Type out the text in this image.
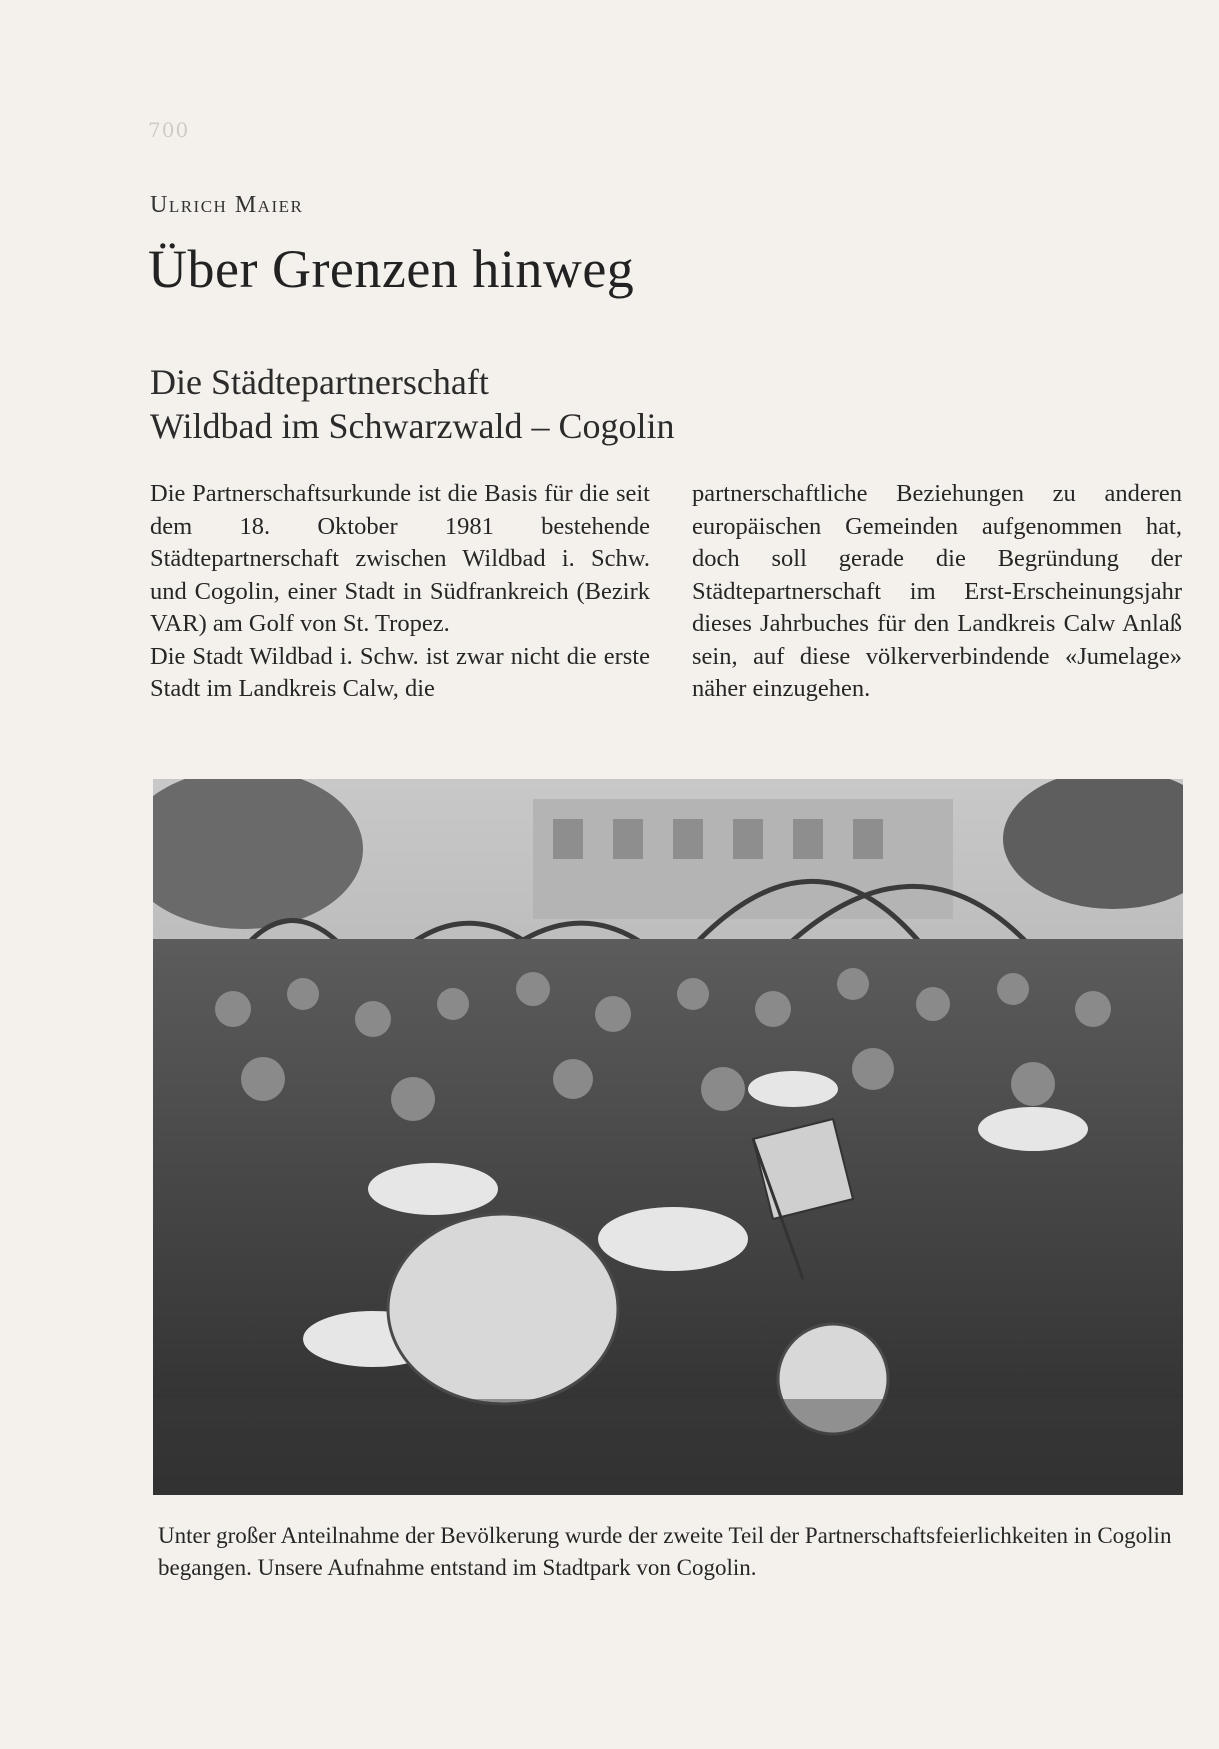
700
Ulrich Maier
Über Grenzen hinweg
Die Städtepartnerschaft
Wildbad im Schwarzwald – Cogolin

Die Partnerschaftsurkunde ist die Basis für die seit dem 18. Oktober 1981 bestehende Städtepartnerschaft zwischen Wildbad i. Schw. und Cogolin, einer Stadt in Südfrankreich (Bezirk VAR) am Golf von St. Tropez.

Die Stadt Wildbad i. Schw. ist zwar nicht die erste Stadt im Landkreis Calw, die

partnerschaftliche Beziehungen zu anderen europäischen Gemeinden aufgenommen hat, doch soll gerade die Begründung der Städtepartnerschaft im Erst-Erscheinungsjahr dieses Jahrbuches für den Landkreis Calw Anlaß sein, auf diese völkerverbindende «Jumelage» näher einzugehen.

Unter großer Anteilnahme der Bevölkerung wurde der zweite Teil der Partnerschaftsfeierlichkeiten in Cogolin begangen. Unsere Aufnahme entstand im Stadtpark von Cogolin.
